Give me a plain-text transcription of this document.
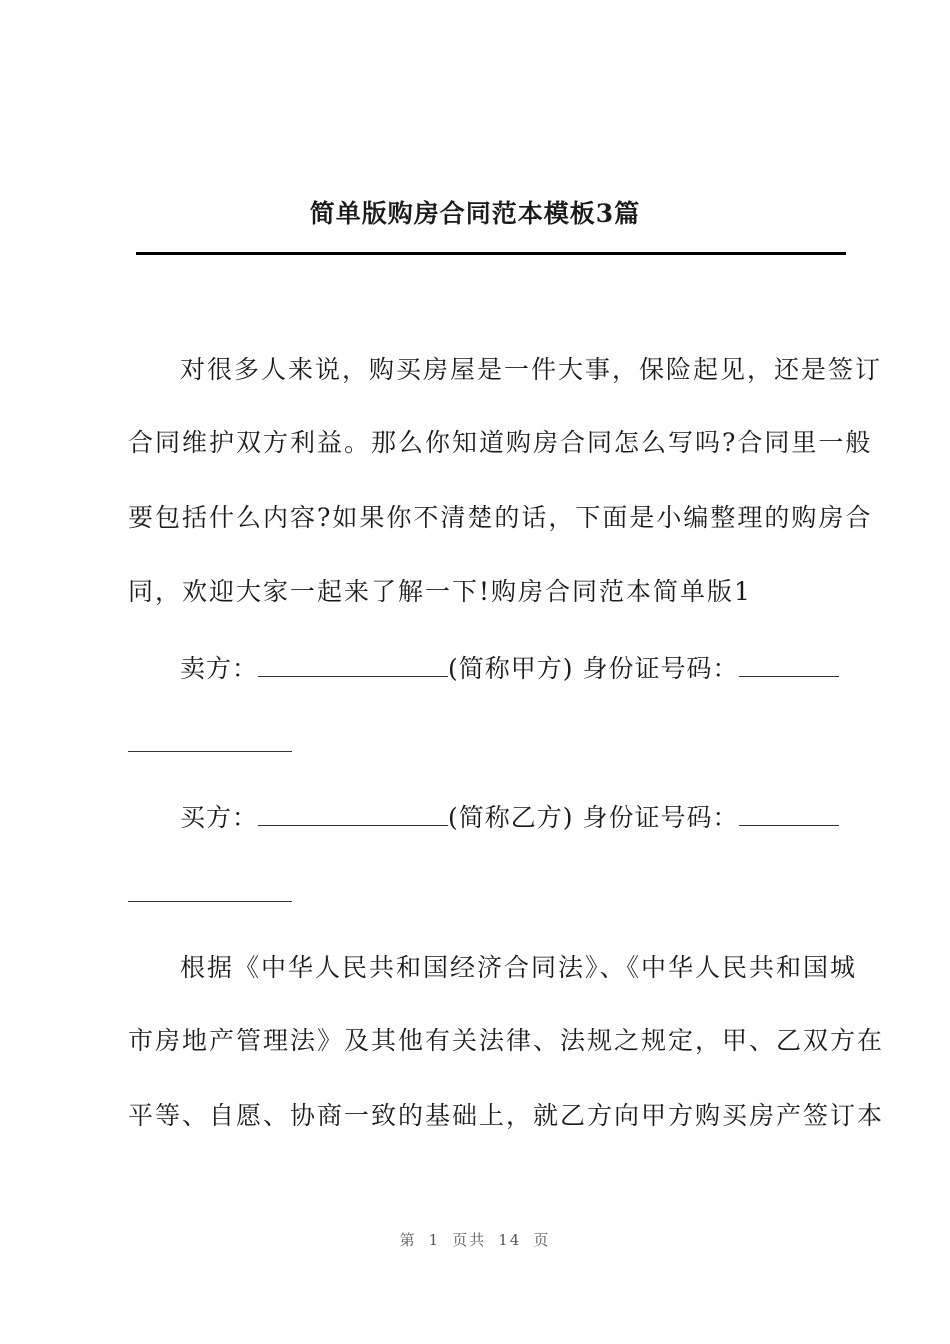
简单版购房合同范本模板3篇
对很多人来说，购买房屋是一件大事，保险起见，还是签订
合同维护双方利益。那么你知道购房合同怎么写吗?合同里一般
要包括什么内容?如果你不清楚的话，下面是小编整理的购房合
同，欢迎大家一起来了解一下!购房合同范本简单版1
卖方：	(简称甲方) 身份证号码：
买方：	(简称乙方) 身份证号码：
根据《中华人民共和国经济合同法》、《中华人民共和国城
市房地产管理法》及其他有关法律、法规之规定，甲、乙双方在
平等、自愿、协商一致的基础上，就乙方向甲方购买房产签订本
第 1 页共 14 页
